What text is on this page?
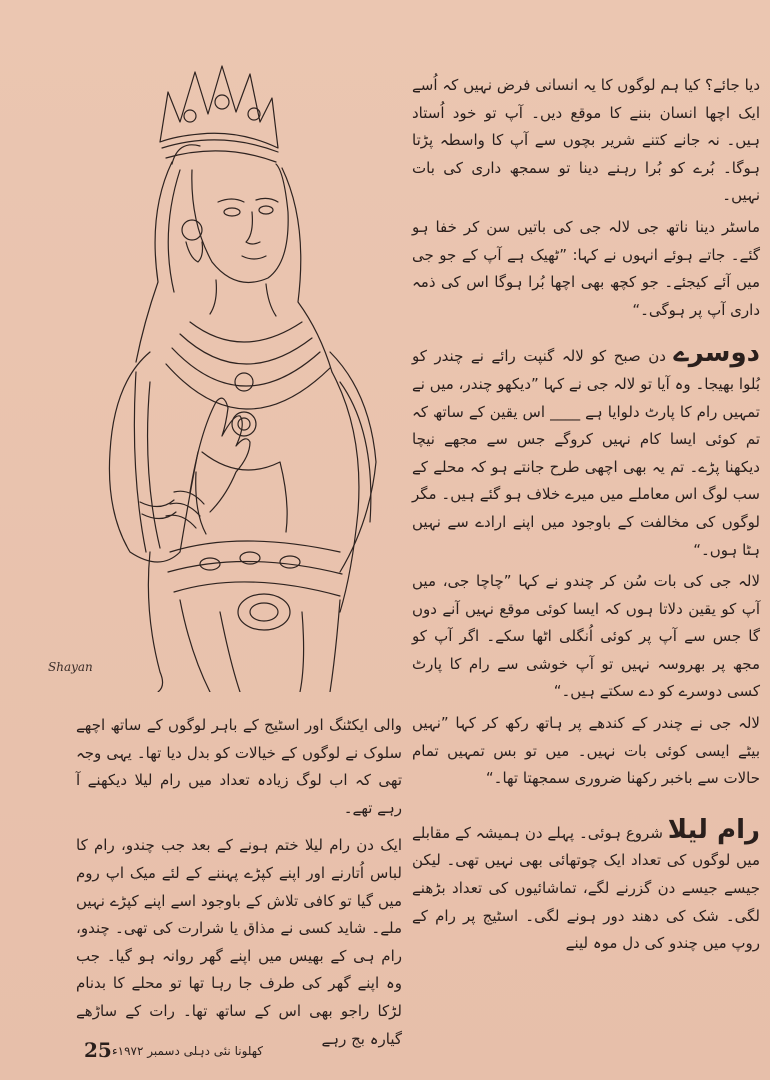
دیا جائے؟ کیا ہم لوگوں کا یہ انسانی فرض نہیں کہ اُسے ایک اچھا انسان بننے کا موقع دیں۔ آپ تو خود اُستاد ہیں۔ نہ جانے کتنے شریر بچوں سے آپ کا واسطہ پڑتا ہوگا۔ بُرے کو بُرا رہنے دینا تو سمجھ داری کی بات نہیں۔

ماسٹر دینا ناتھ جی لالہ جی کی باتیں سن کر خفا ہو گئے۔ جاتے ہوئے انہوں نے کہا: ”ٹھیک ہے آپ کے جو جی میں آئے کیجئے۔ جو کچھ بھی اچھا بُرا ہوگا اس کی ذمہ داری آپ پر ہوگی۔“

دوسرے دن صبح کو لالہ گنپت رائے نے چندر کو بُلوا بھیجا۔ وہ آیا تو لالہ جی نے کہا ”دیکھو چندر، میں نے تمہیں رام کا پارٹ دلوایا ہے ____ اس یقین کے ساتھ کہ تم کوئی ایسا کام نہیں کروگے جس سے مجھے نیچا دیکھنا پڑے۔ تم یہ بھی اچھی طرح جانتے ہو کہ محلے کے سب لوگ اس معاملے میں میرے خلاف ہو گئے ہیں۔ مگر لوگوں کی مخالفت کے باوجود میں اپنے ارادے سے نہیں ہٹا ہوں۔“

لالہ جی کی بات سُن کر چندو نے کہا ”چاچا جی، میں آپ کو یقین دلاتا ہوں کہ ایسا کوئی موقع نہیں آنے دوں گا جس سے آپ پر کوئی اُنگلی اٹھا سکے۔ اگر آپ کو مجھ پر بھروسہ نہیں تو آپ خوشی سے رام کا پارٹ کسی دوسرے کو دے سکتے ہیں۔“

لالہ جی نے چندر کے کندھے پر ہاتھ رکھ کر کہا ”نہیں بیٹے ایسی کوئی بات نہیں۔ میں تو بس تمہیں تمام حالات سے باخبر رکھنا ضروری سمجھتا تھا۔“

رام لیلا شروع ہوئی۔ پہلے دن ہمیشہ کے مقابلے میں لوگوں کی تعداد ایک چوتھائی بھی نہیں تھی۔ لیکن جیسے جیسے دن گزرنے لگے، تماشائیوں کی تعداد بڑھنے لگی۔ شک کی دھند دور ہونے لگی۔ اسٹیج پر رام کے روپ میں چندو کی دل موہ لینے

Shayan

والی ایکٹنگ اور اسٹیج کے باہر لوگوں کے ساتھ اچھے سلوک نے لوگوں کے خیالات کو بدل دیا تھا۔ یہی وجہ تھی کہ اب لوگ زیادہ تعداد میں رام لیلا دیکھنے آ رہے تھے۔

ایک دن رام لیلا ختم ہونے کے بعد جب چندو، رام کا لباس اُتارنے اور اپنے کپڑے پہننے کے لئے میک اپ روم میں گیا تو کافی تلاش کے باوجود اسے اپنے کپڑے نہیں ملے۔ شاید کسی نے مذاق یا شرارت کی تھی۔ چندو، رام ہی کے بھیس میں اپنے گھر روانہ ہو گیا۔ جب وہ اپنے گھر کی طرف جا رہا تھا تو محلے کا بدنام لڑکا راجو بھی اس کے ساتھ تھا۔ رات کے ساڑھے گیارہ بج رہے

25 کھلونا نئی دہلی دسمبر ۱۹۷۲ء
